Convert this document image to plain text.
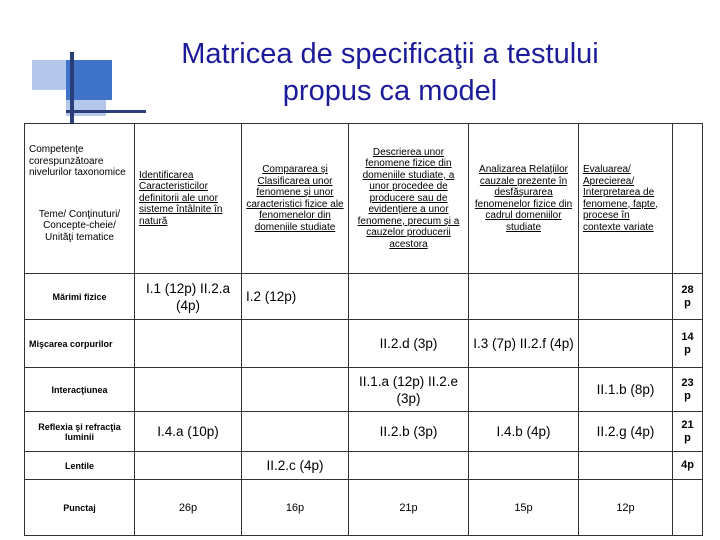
Matricea de specificaţii a testului
propus ca model
Competenţe corespunzătoare nivelurilor taxonomice
Teme/ Conţinuturi/ Concepte-cheie/ Unităţi tematice	Identificarea Caracteristicilor definitorii ale unor sisteme întâlnite în natură	Compararea şi Clasificarea unor fenomene şi unor caracteristici fizice ale fenomenelor din domeniile studiate	Descrierea unor fenomene fizice din domeniile studiate, a unor procedee de producere sau de evidenţiere a unor fenomene, precum şi a cauzelor producerii acestora	Analizarea Relaţiilor cauzale prezente în desfăşurarea fenomenelor fizice din cadrul domeniilor studiate	Evaluarea/ Aprecierea/ Interpretarea de fenomene, fapte, procese în contexte variate	

Mărimi fizice	I.1 (12p) II.2.a (4p)	I.2 (12p)				28 p
Mişcarea corpurilor			II.2.d (3p)	I.3 (7p) II.2.f (4p)		14 p
Interacţiunea			II.1.a (12p) II.2.e (3p)		II.1.b (8p)	23 p
Reflexia şi refracţia luminii	I.4.a (10p)		II.2.b (3p)	I.4.b (4p)	II.2.g (4p)	21 p
Lentile		II.2.c (4p)				4p
Punctaj	26p	16p	21p	15p	12p	
